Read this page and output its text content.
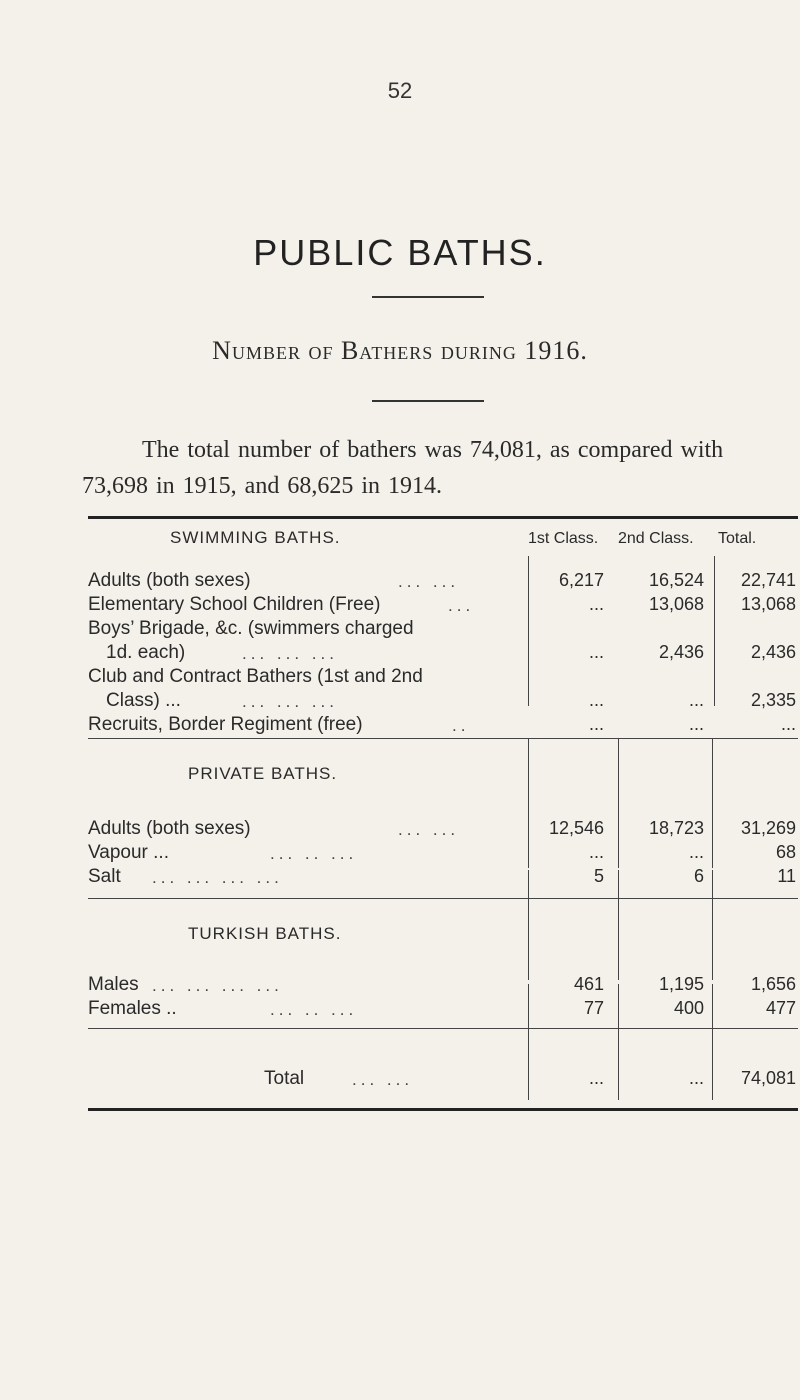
52
PUBLIC BATHS.
Number of Bathers during 1916.
The total number of bathers was 74,081, as compared with 73,698 in 1915, and 68,625 in 1914.
SWIMMING BATHS.	1st Class. 2nd Class. Total.
Adults (both sexes)	... ...	6,217	16,524	22,741
Elementary School Children (Free)	...	...	13,068	13,068
Boys’ Brigade, &c. (swimmers charged
1d. each)	... ... ...	...	2,436	2,436
Club and Contract Bathers (1st and 2nd
Class) ...	... ... ...	...	...	2,335
Recruits, Border Regiment (free)	..	...	...	...
PRIVATE BATHS.
Adults (both sexes)	... ...	12,546	18,723	31,269
Vapour ...	... .. ...	...	...	68
Salt ... ... ... ...	5	6	11
TURKISH BATHS.
Males ... ... ... ...	461	1,195	1,656
Females ..	... .. ...	77	400	477
Total	... ...	...	...	74,081
